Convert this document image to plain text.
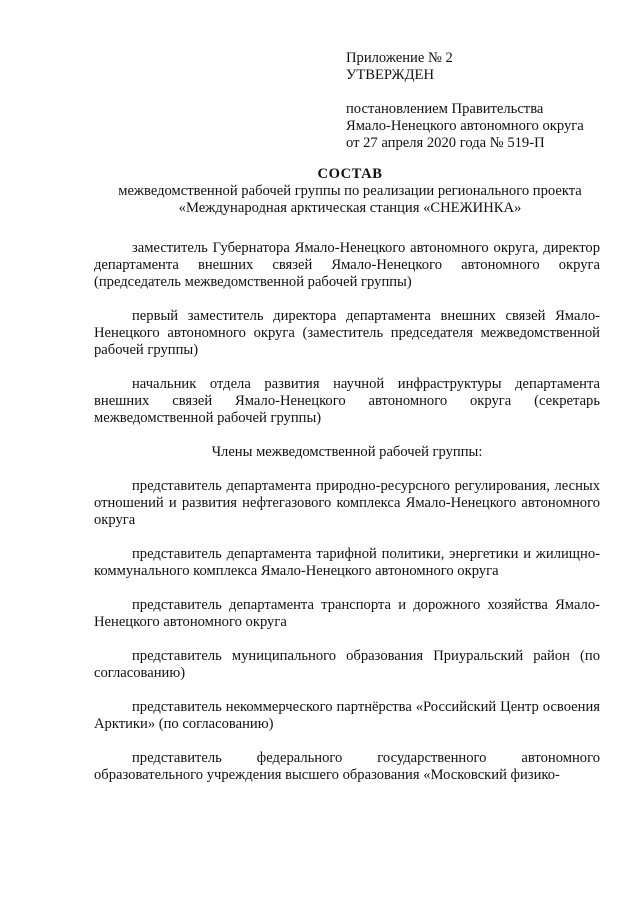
Приложение № 2
УТВЕРЖДЕН
постановлением Правительства
Ямало-Ненецкого автономного округа
от 27 апреля 2020 года № 519-П
СОСТАВ
межведомственной рабочей группы по реализации регионального проекта
«Международная арктическая станция «СНЕЖИНКА»

заместитель Губернатора Ямало-Ненецкого автономного округа, директор департамента внешних связей Ямало-Ненецкого автономного округа (председатель межведомственной рабочей группы)

первый заместитель директора департамента внешних связей Ямало-Ненецкого автономного округа (заместитель председателя межведомственной рабочей группы)

начальник отдела развития научной инфраструктуры департамента внешних связей Ямало-Ненецкого автономного округа (секретарь межведомственной рабочей группы)

Члены межведомственной рабочей группы:

представитель департамента природно-ресурсного регулирования, лесных отношений и развития нефтегазового комплекса Ямало-Ненецкого автономного округа

представитель департамента тарифной политики, энергетики и жилищно-коммунального комплекса Ямало-Ненецкого автономного округа

представитель департамента транспорта и дорожного хозяйства Ямало-Ненецкого автономного округа

представитель муниципального образования Приуральский район (по согласованию)

представитель некоммерческого партнёрства «Российский Центр освоения Арктики» (по согласованию)

представитель федерального государственного автономного образовательного учреждения высшего образования «Московский физико-
